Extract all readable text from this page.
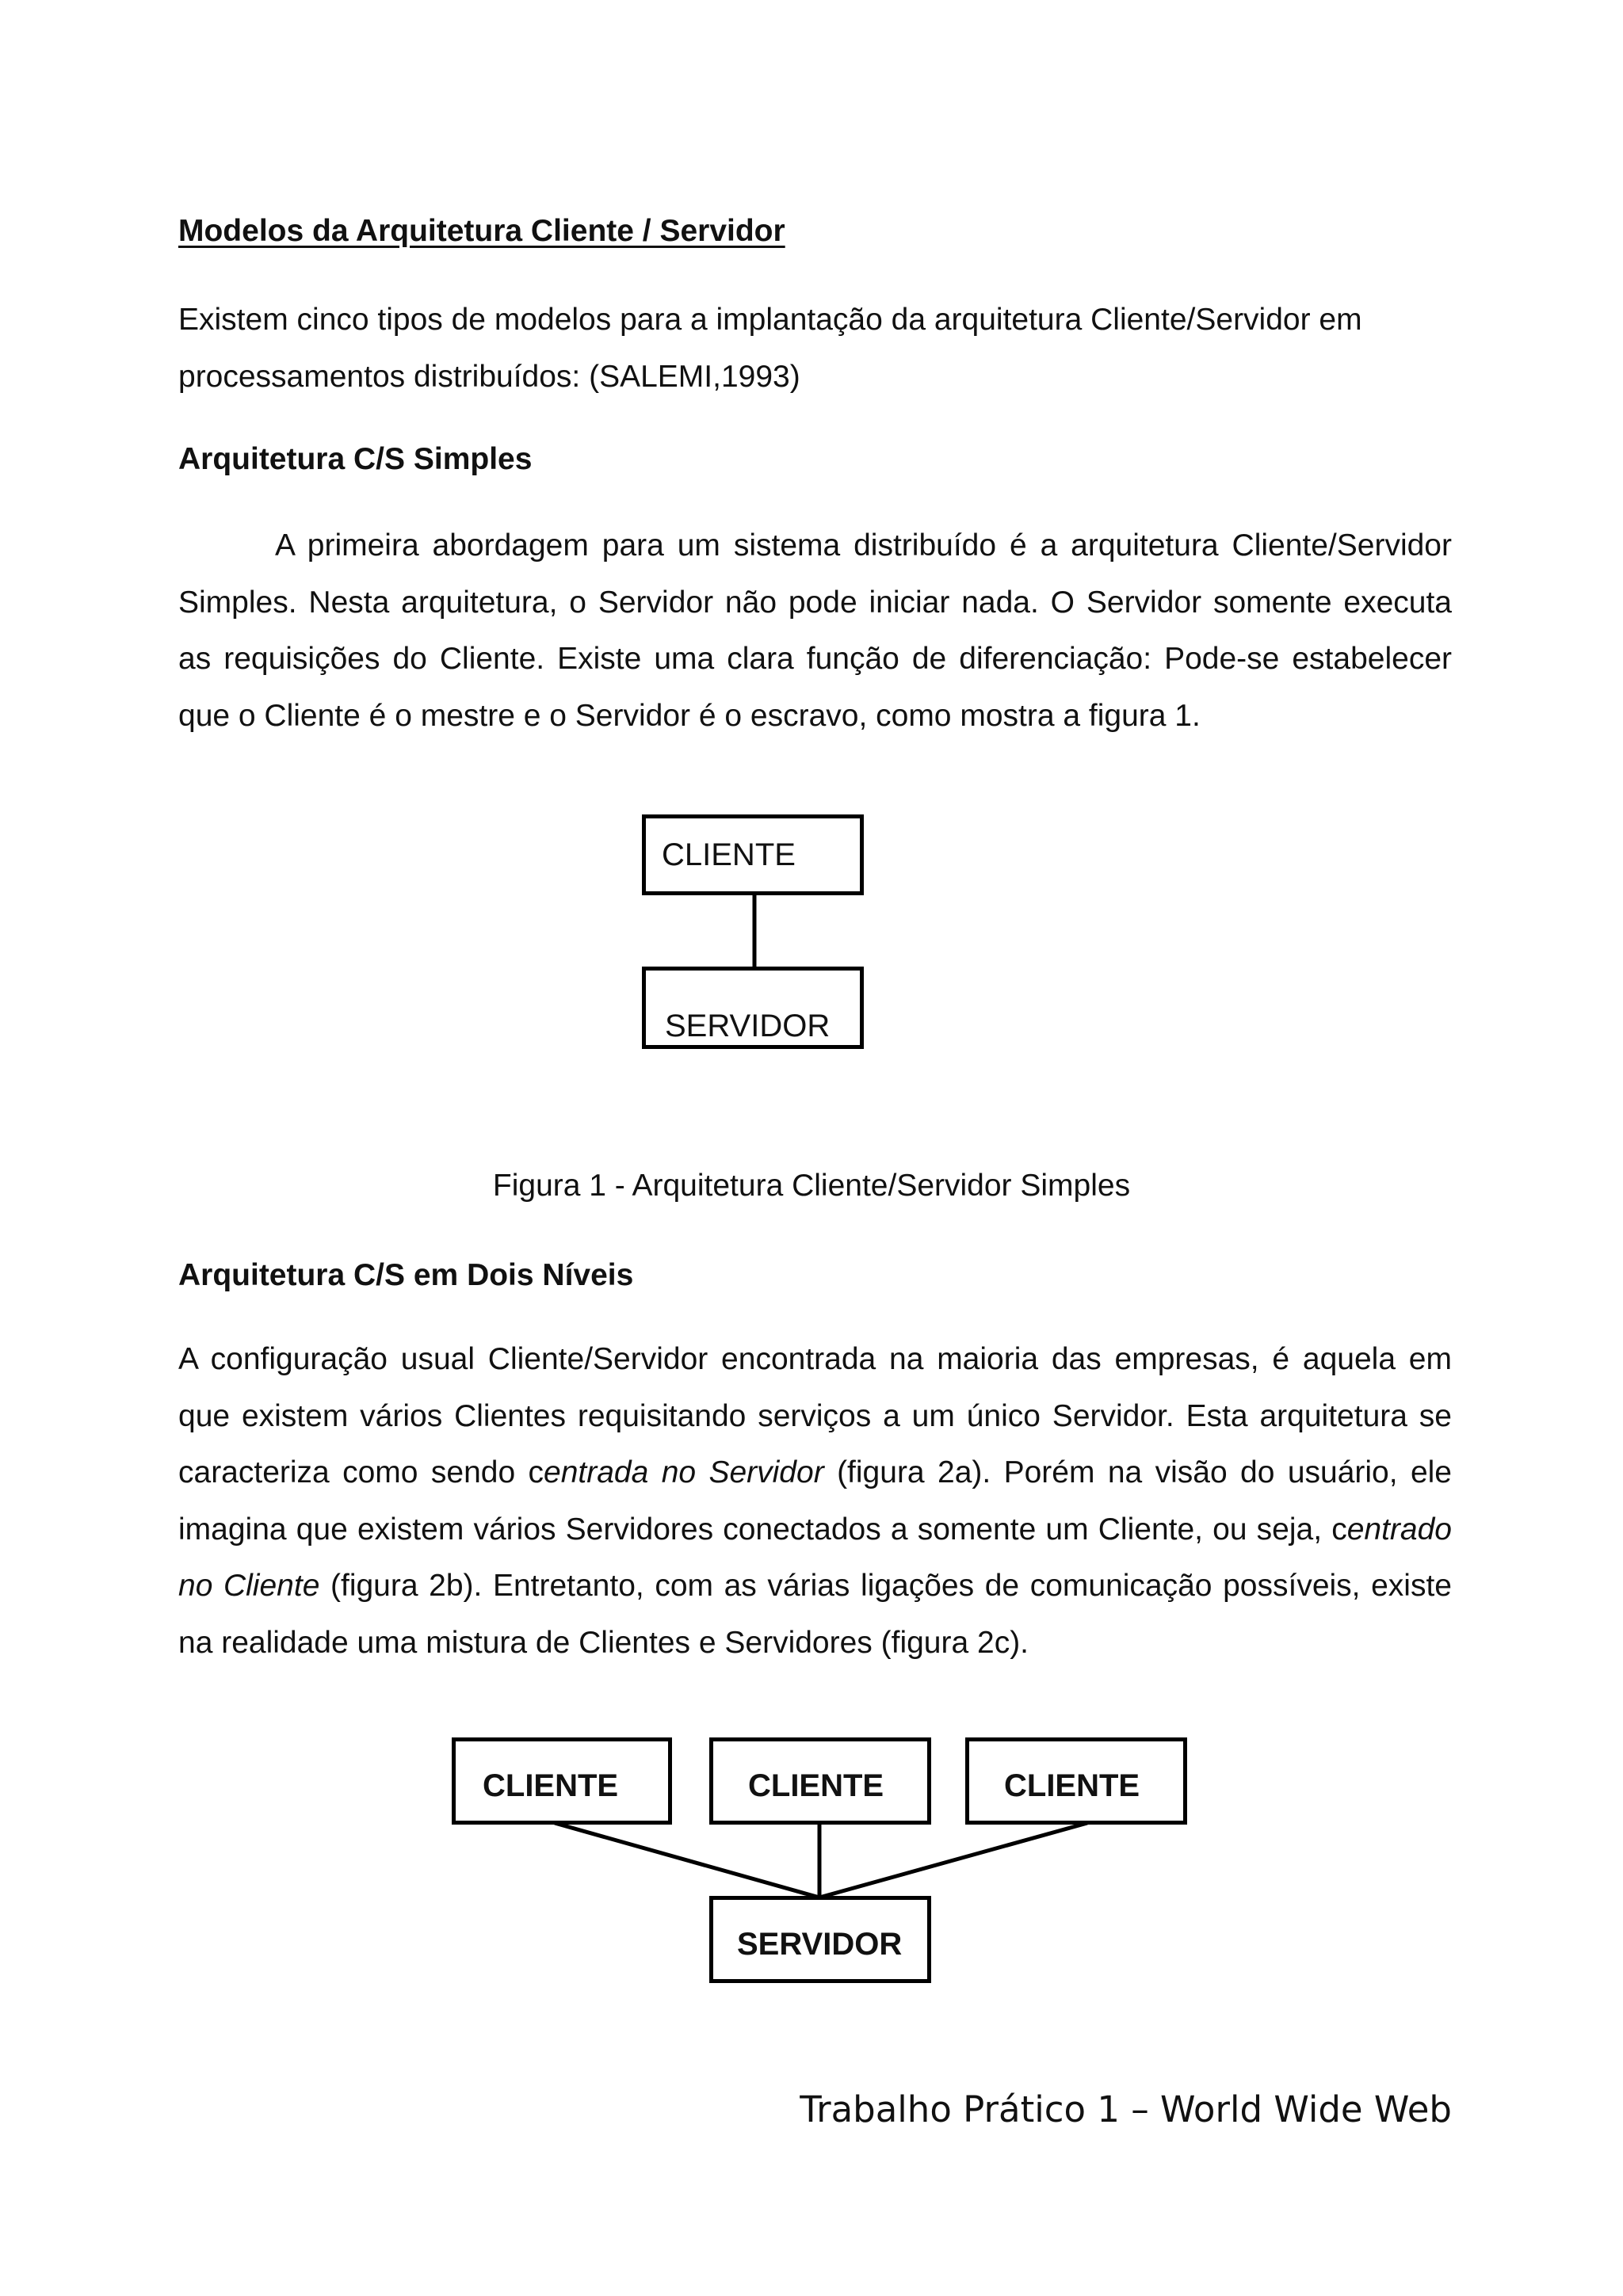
Modelos da Arquitetura Cliente / Servidor
Existem cinco tipos de modelos para a implantação da arquitetura Cliente/Servidor em processamentos distribuídos: (SALEMI,1993)
Arquitetura C/S Simples
A primeira abordagem para um sistema distribuído é a arquitetura Cliente/Servidor Simples. Nesta arquitetura, o Servidor não pode iniciar nada. O Servidor somente executa as requisições do Cliente. Existe uma clara função de diferenciação: Pode-se estabelecer que o Cliente é o mestre e o Servidor é o escravo, como mostra a figura 1.
CLIENTE
SERVIDOR
Figura 1 - Arquitetura Cliente/Servidor Simples
Arquitetura C/S em Dois Níveis
A configuração usual Cliente/Servidor encontrada na maioria das empresas, é aquela em que existem vários Clientes requisitando serviços a um único Servidor. Esta arquitetura se caracteriza como sendo centrada no Servidor (figura 2a). Porém na visão do usuário, ele imagina que existem vários Servidores conectados a somente um Cliente, ou seja, centrado no Cliente (figura 2b). Entretanto, com as várias ligações de comunicação possíveis, existe na realidade uma mistura de Clientes e Servidores (figura 2c).
CLIENTE	CLIENTE	CLIENTE
SERVIDOR
Trabalho Prático 1 – World Wide Web
